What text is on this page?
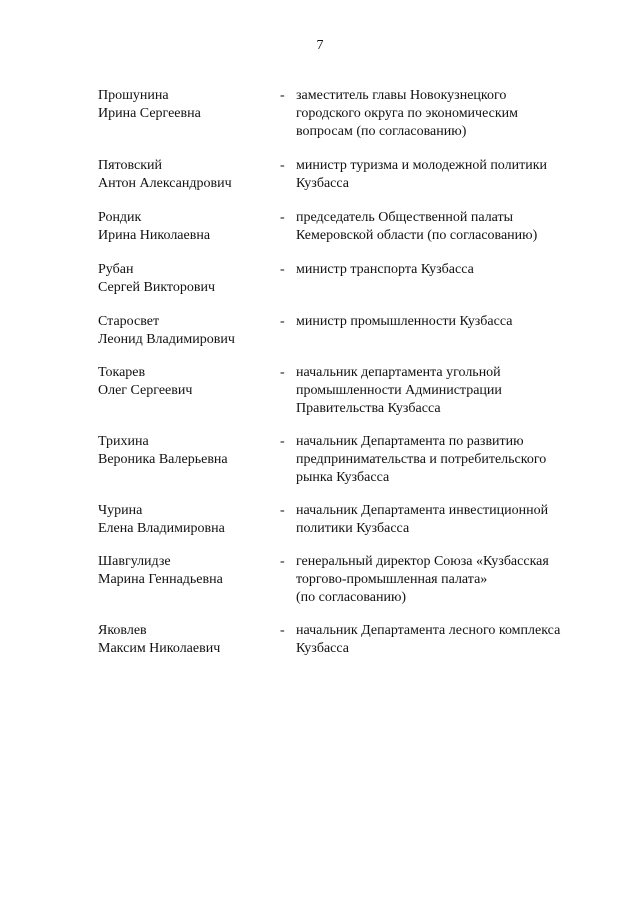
7
Прошунина
Ирина Сергеевна
- заместитель главы Новокузнецкого
городского округа по экономическим
вопросам (по согласованию)
Пятовский
Антон Александрович
- министр туризма и молодежной политики
Кузбасса
Рондик
Ирина Николаевна
- председатель Общественной палаты
Кемеровской области (по согласованию)
Рубан
Сергей Викторович
- министр транспорта Кузбасса
Старосвет
Леонид Владимирович
- министр промышленности Кузбасса
Токарев
Олег Сергеевич
- начальник департамента угольной
промышленности Администрации
Правительства Кузбасса
Трихина
Вероника Валерьевна
- начальник Департамента по развитию
предпринимательства и потребительского
рынка Кузбасса
Чурина
Елена Владимировна
- начальник Департамента инвестиционной
политики Кузбасса
Шавгулидзе
Марина Геннадьевна
- генеральный директор Союза «Кузбасская
торгово-промышленная палата»
(по согласованию)
Яковлев
Максим Николаевич
- начальник Департамента лесного комплекса
Кузбасса
